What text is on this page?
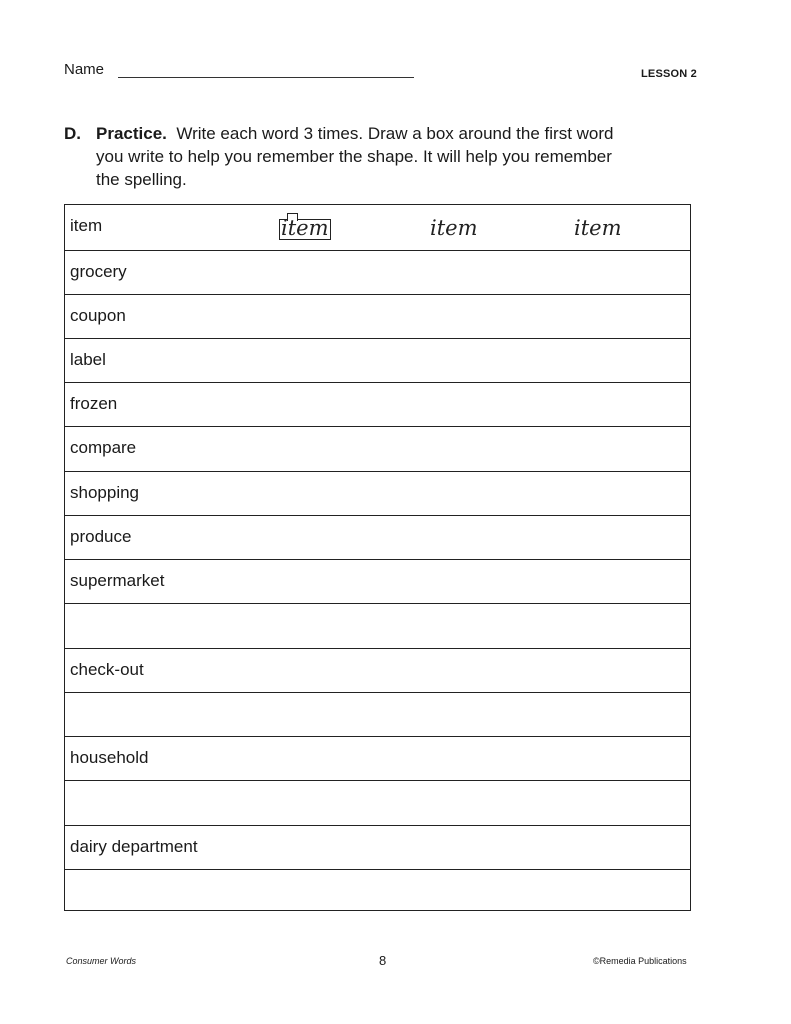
Name	LESSON 2
D. Practice. Write each word 3 times. Draw a box around the first word
you write to help you remember the shape. It will help you remember
the spelling.
item	item	item	item
grocery
coupon
label
frozen
compare
shopping
produce
supermarket
check-out
household
dairy department
Consumer Words	8	©Remedia Publications
